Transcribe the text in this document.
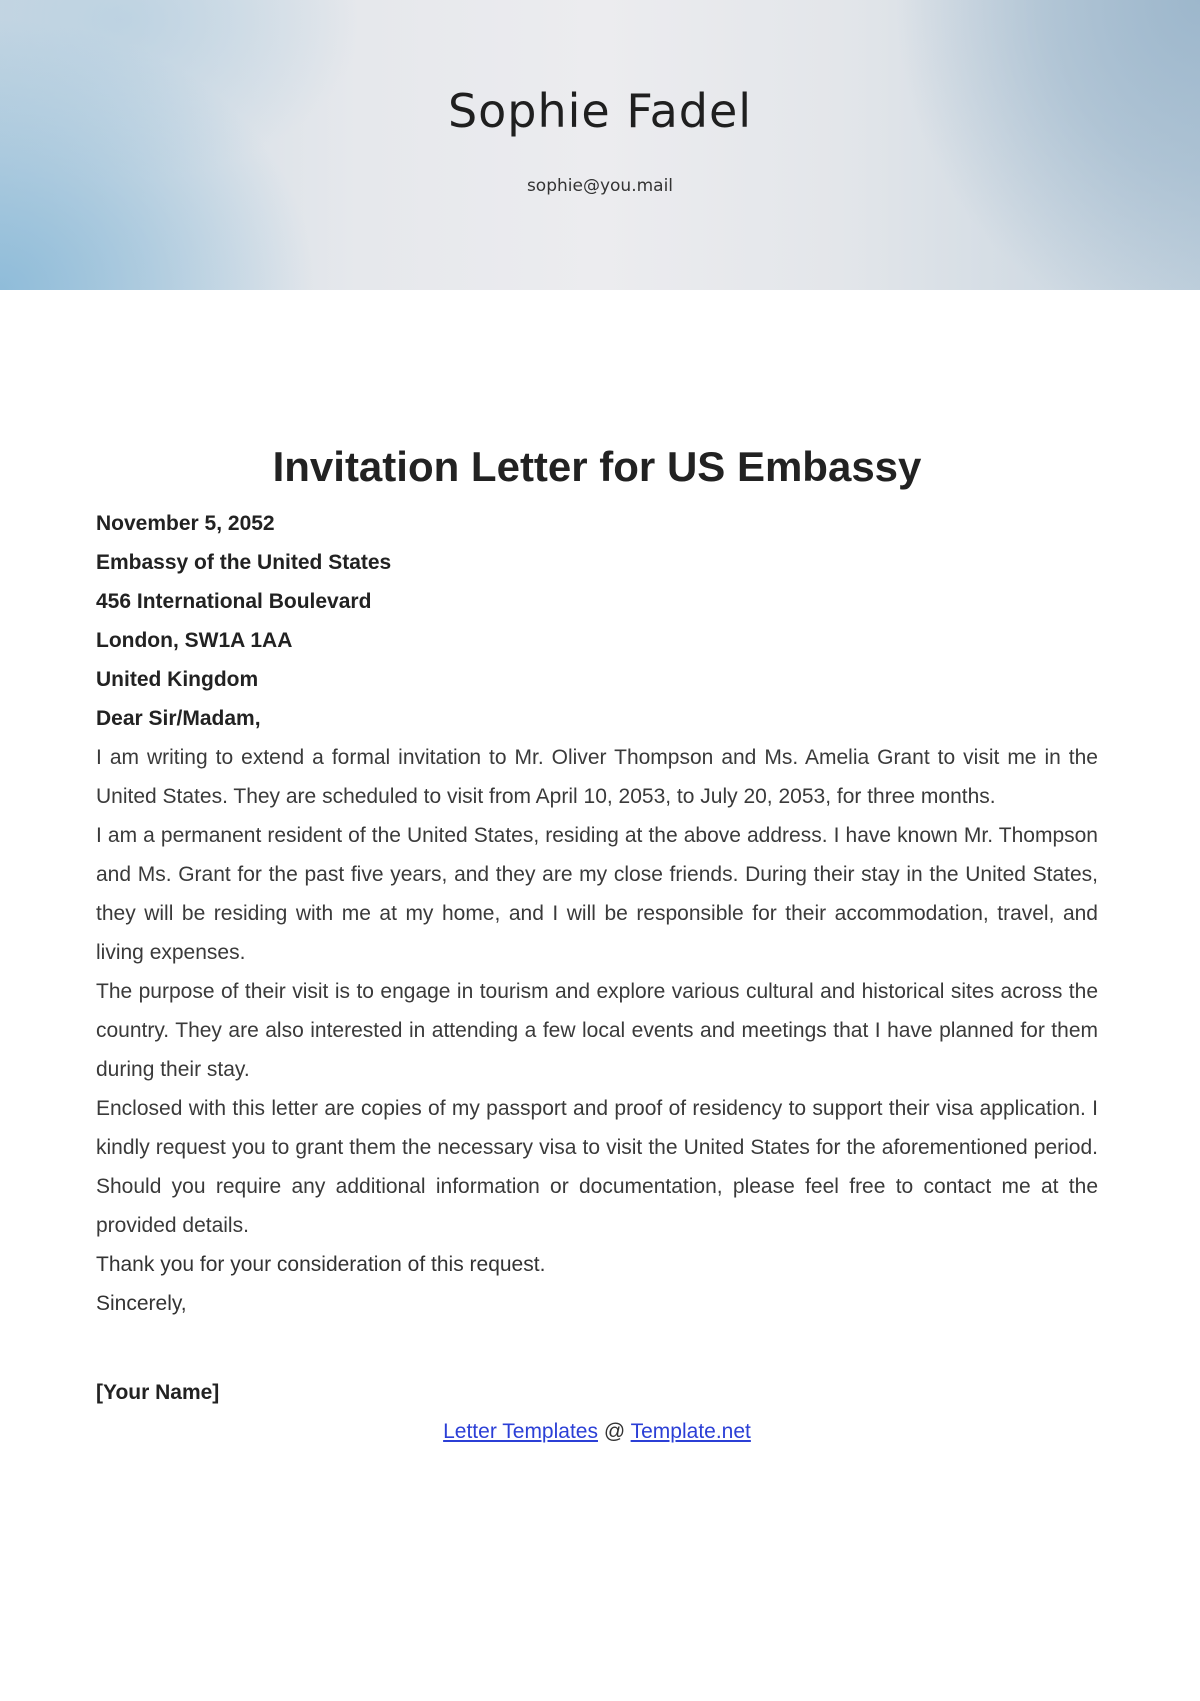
Sophie Fadel
sophie@you.mail
Invitation Letter for US Embassy
November 5, 2052
Embassy of the United States
456 International Boulevard
London, SW1A 1AA
United Kingdom
Dear Sir/Madam,

I am writing to extend a formal invitation to Mr. Oliver Thompson and Ms. Amelia Grant to visit me in the United States. They are scheduled to visit from April 10, 2053, to July 20, 2053, for three months.

I am a permanent resident of the United States, residing at the above address. I have known Mr. Thompson and Ms. Grant for the past five years, and they are my close friends. During their stay in the United States, they will be residing with me at my home, and I will be responsible for their accommodation, travel, and living expenses.

The purpose of their visit is to engage in tourism and explore various cultural and historical sites across the country. They are also interested in attending a few local events and meetings that I have planned for them during their stay.

Enclosed with this letter are copies of my passport and proof of residency to support their visa application. I kindly request you to grant them the necessary visa to visit the United States for the aforementioned period. Should you require any additional information or documentation, please feel free to contact me at the provided details.

Thank you for your consideration of this request.
Sincerely,
[Your Name]
Letter Templates @ Template.net
